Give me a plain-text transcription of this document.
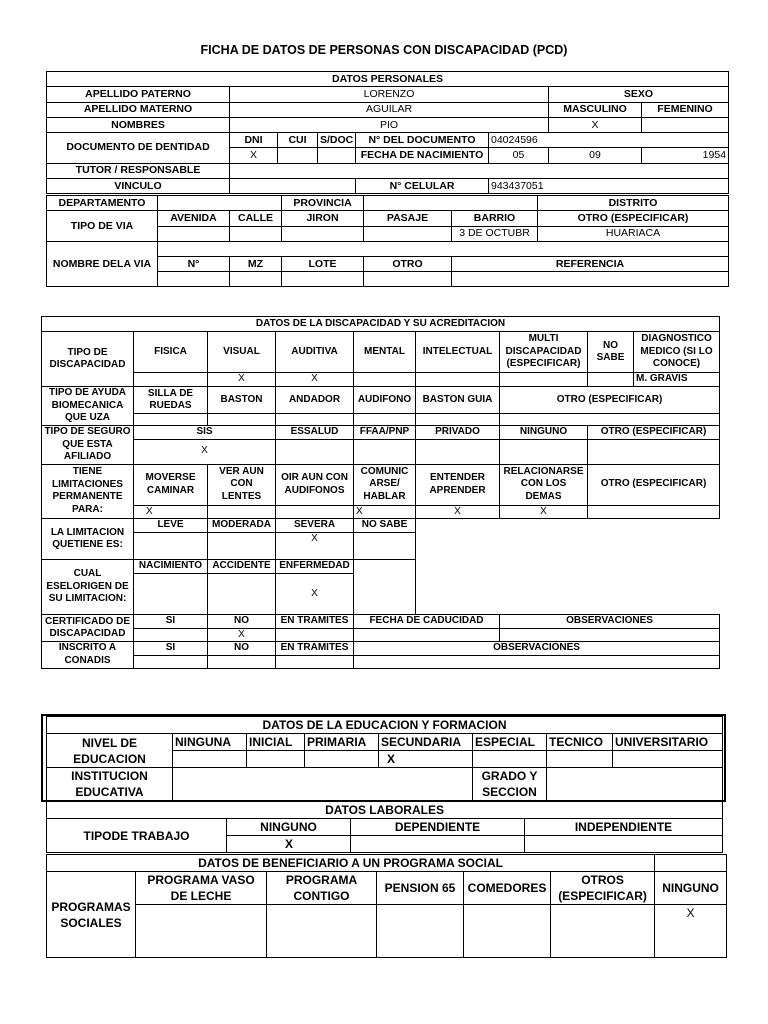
FICHA DE DATOS DE PERSONAS CON DISCAPACIDAD (PCD)
DATOS PERSONALES							
APELLIDO PATERNO	LORENZO					SEXO	
APELLIDO MATERNO	AGUILAR					MASCULINO	FEMENINO
NOMBRES	PIO					X	
DOCUMENTO DE DENTIDAD	DNI	CUI	S/DOC	N° DEL DOCUMENTO	04024596		
	X			FECHA DE NACIMIENTO	05	09	1954
TUTOR / RESPONSABLE							
VINCULO				N° CELULAR	943437051		
DEPARTAMENTO			PROVINCIA			DISTRITO
TIPO DE VIA	AVENIDA	CALLE	JIRON	PASAJE	BARRIO	OTRO (ESPECIFICAR)
					3 DE OCTUBR	HUARIACA
NOMBRE DELA VIA						
	N°	MZ	LOTE	OTRO	REFERENCIA	

DATOS DE LA DISCAPACIDAD Y SU ACREDITACION								
TIPO DE DISCAPACIDAD	FISICA	VISUAL	AUDITIVA	MENTAL	INTELECTUAL	MULTI DISCAPACIDAD (ESPECIFICAR)	NO SABE	DIAGNOSTICO MEDICO (SI LO CONOCE)
		X	X					M. GRAVIS
TIPO DE AYUDA BIOMECANICA QUE UZA	SILLA DE RUEDAS	BASTON	ANDADOR	AUDIFONO	BASTON GUIA	OTRO (ESPECIFICAR)		

TIPO DE SEGURO QUE ESTA AFILIADO	SIS		ESSALUD	FFAA/PNP	PRIVADO	NINGUNO	OTRO (ESPECIFICAR)	
	X							
TIENE LIMITACIONES PERMANENTE PARA:	MOVERSE CAMINAR	VER AUN CON LENTES	OIR AUN CON AUDIFONOS	COMUNIC ARSE/ HABLAR	ENTENDER APRENDER	RELACIONARSE CON LOS DEMAS	OTRO (ESPECIFICAR)	
	X			X	X	X		
LA LIMITACION QUETIENE ES:	LEVE	MODERADA	SEVERA	NO SABE				
			X					
CUAL ESELORIGEN DE SU LIMITACION:	NACIMIENTO	ACCIDENTE	ENFERMEDAD					
			X					
CERTIFICADO DE DISCAPACIDAD	SI	NO	EN TRAMITES	FECHA DE CADUCIDAD		OBSERVACIONES		
		X						
INSCRITO A CONADIS	SI	NO	EN TRAMITES	OBSERVACIONES				

DATOS DE LA EDUCACION Y FORMACION							
NIVEL DE EDUCACION	NINGUNA	INICIAL	PRIMARIA	SECUNDARIA	ESPECIAL	TECNICO	UNIVERSITARIO
				X			
INSTITUCION EDUCATIVA					GRADO Y SECCION		
DATOS LABORALES			
TIPODE TRABAJO	NINGUNO	DEPENDIENTE	INDEPENDIENTE
	X		
DATOS DE BENEFICIARIO A UN PROGRAMA SOCIAL						
PROGRAMAS SOCIALES	PROGRAMA VASO DE LECHE	PROGRAMA CONTIGO	PENSION 65	COMEDORES	OTROS (ESPECIFICAR)	NINGUNO
						X
